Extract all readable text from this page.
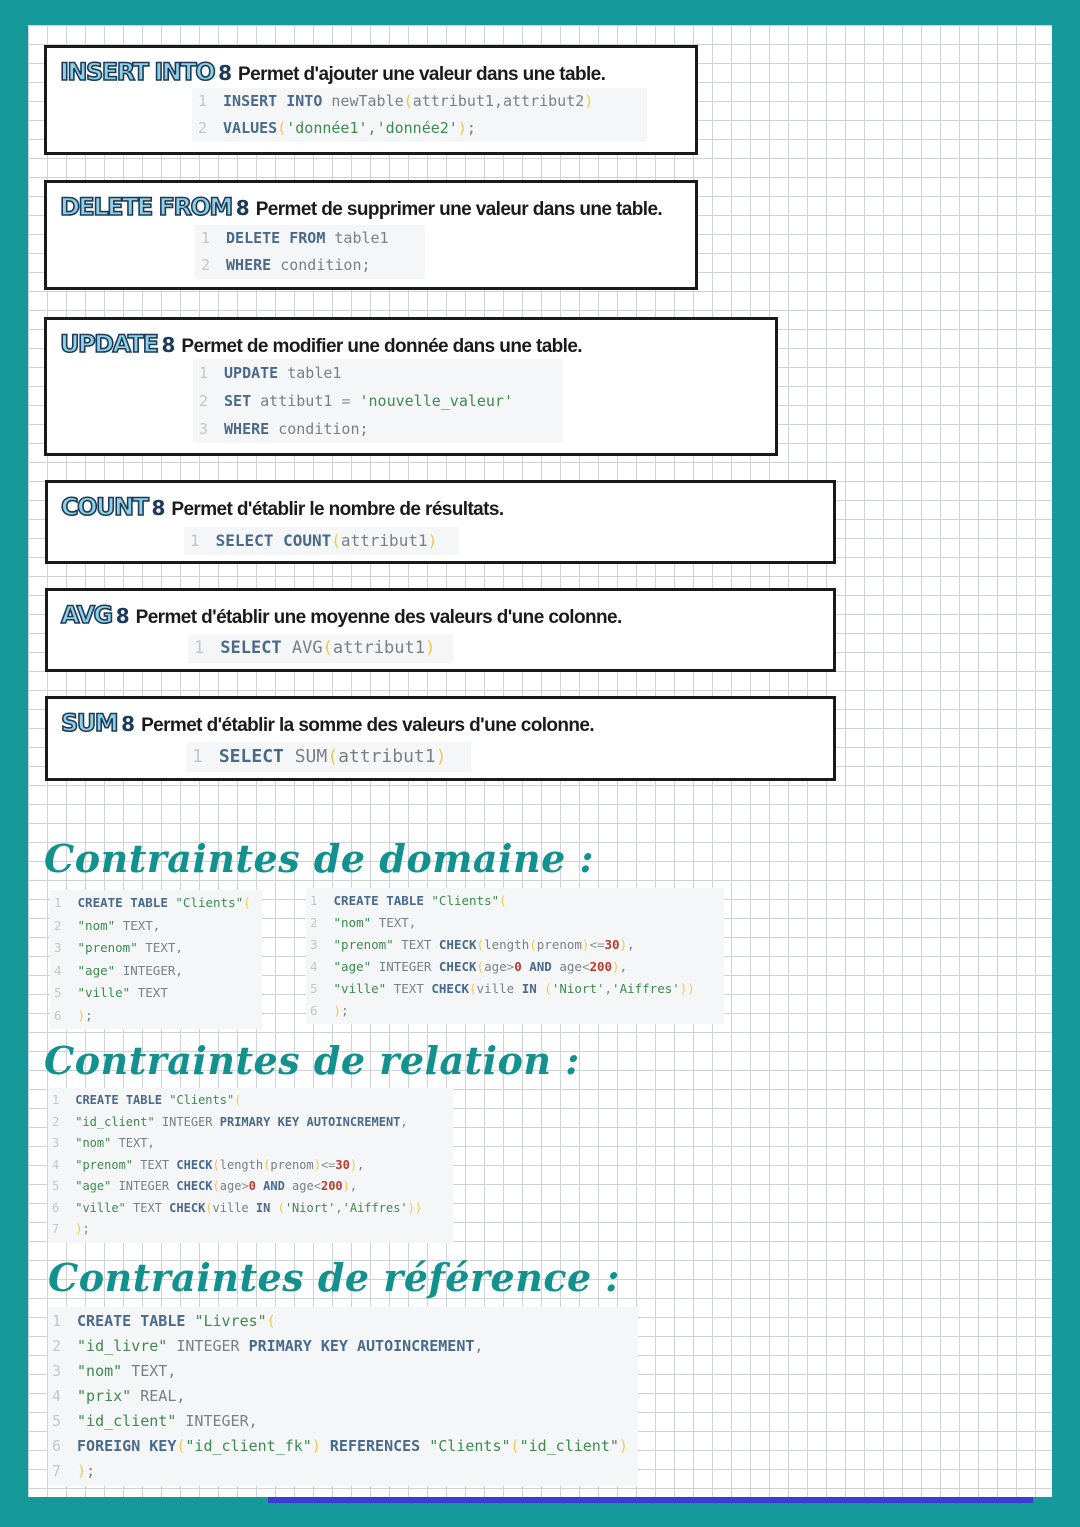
INSERT INTO 8 Permet d'ajouter une valeur dans une table.
1 INSERT INTO newTable(attribut1,attribut2)
2 VALUES('donnée1','donnée2');
DELETE FROM 8 Permet de supprimer une valeur dans une table.
1 DELETE FROM table1
2 WHERE condition;
UPDATE 8 Permet de modifier une donnée dans une table.
1 UPDATE table1
2 SET attibut1 = 'nouvelle_valeur'
3 WHERE condition;
COUNT 8 Permet d'établir le nombre de résultats.
1 SELECT COUNT(attribut1)
AVG 8 Permet d'établir une moyenne des valeurs d'une colonne.
1 SELECT AVG(attribut1)
SUM 8 Permet d'établir la somme des valeurs d'une colonne.
1 SELECT SUM(attribut1)
Contraintes de domaine :
1 CREATE TABLE "Clients"(
2 "nom" TEXT,
3 "prenom" TEXT,
4 "age" INTEGER,
5 "ville" TEXT
6 );
1 CREATE TABLE "Clients"(
2 "nom" TEXT,
3 "prenom" TEXT CHECK(length(prenom)<=30),
4 "age" INTEGER CHECK(age>0 AND age<200),
5 "ville" TEXT CHECK(ville IN ('Niort','Aiffres'))
6 );
Contraintes de relation :
1 CREATE TABLE "Clients"(
2 "id_client" INTEGER PRIMARY KEY AUTOINCREMENT,
3 "nom" TEXT,
4 "prenom" TEXT CHECK(length(prenom)<=30),
5 "age" INTEGER CHECK(age>0 AND age<200),
6 "ville" TEXT CHECK(ville IN ('Niort','Aiffres'))
7 );
Contraintes de référence :
1 CREATE TABLE "Livres"(
2 "id_livre" INTEGER PRIMARY KEY AUTOINCREMENT,
3 "nom" TEXT,
4 "prix" REAL,
5 "id_client" INTEGER,
6 FOREIGN KEY("id_client_fk") REFERENCES "Clients"("id_client")
7 );
